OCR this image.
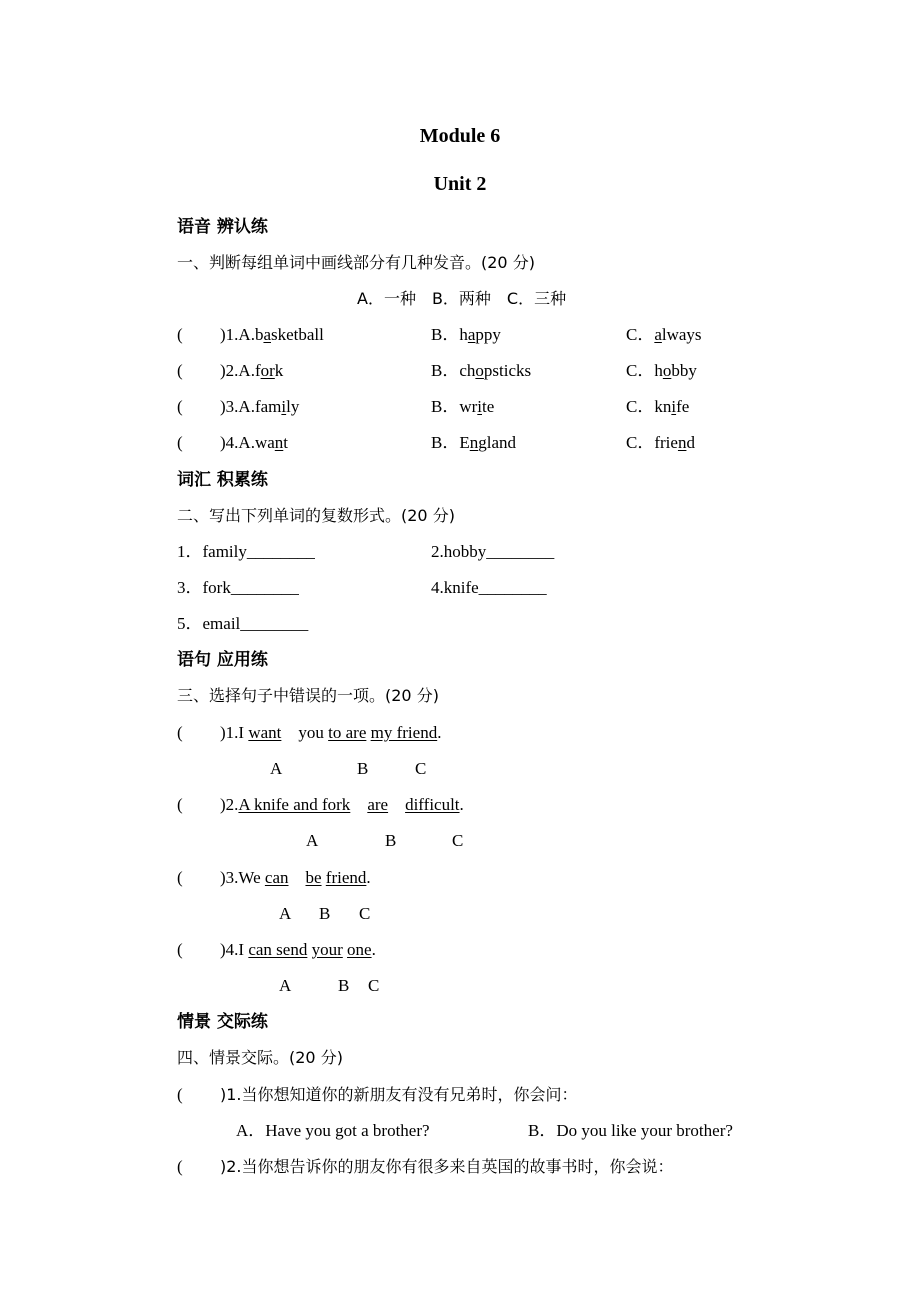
Module 6
Unit 2
语音 辨认练
一、判断每组单词中画线部分有几种发音。(20 分)
A．一种　B．两种　C．三种
( )1.A.basketball	B．happy	C．always
( )2.A.fork	B．chopsticks	C．hobby
( )3.A.family	B．write	C．knife
( )4.A.want	B．England	C．friend
词汇 积累练
二、写出下列单词的复数形式。(20 分)
1．family________	2.hobby________
3．fork________	4.knife________
5．email________
语句 应用练
三、选择句子中错误的一项。(20 分)
( )1.I want    you to are my friend.
A	B	C
( )2.A knife and fork are difficult.
A	B	C
( )3.We can be friend.
A B C
( )4.I can send your one.
A	B C
情景 交际练
四、情景交际。(20 分)
( )1.当你想知道你的新朋友有没有兄弟时，你会问：
A．Have you got a brother?	B．Do you like your brother?
( )2.当你想告诉你的朋友你有很多来自英国的故事书时，你会说：
